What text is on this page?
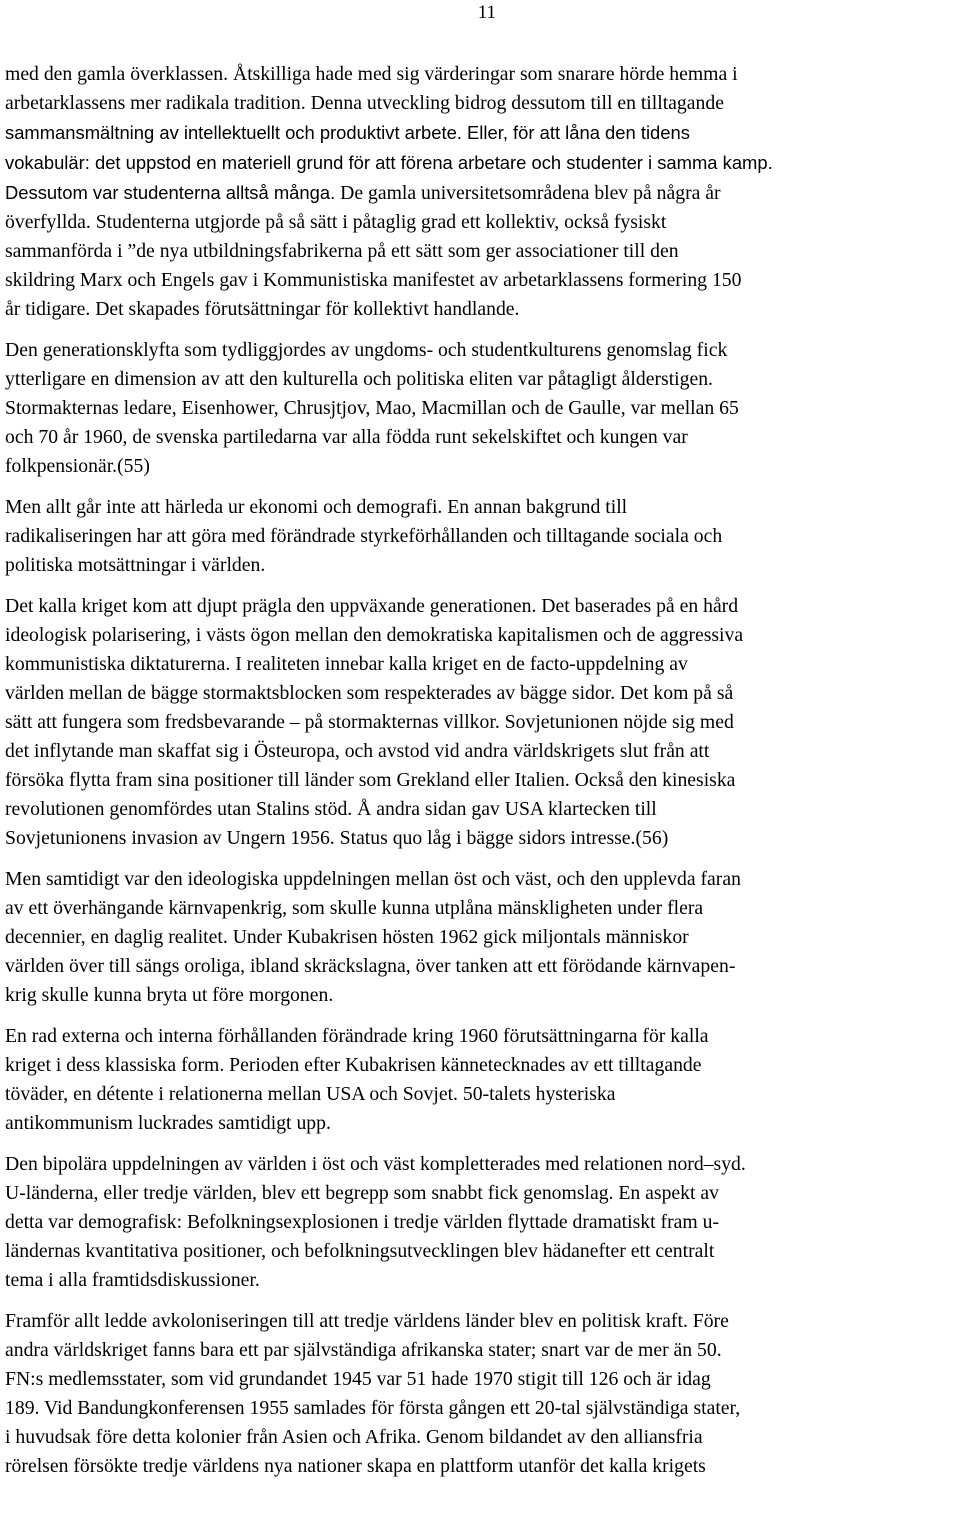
11

med den gamla överklassen. Åtskilliga hade med sig värderingar som snarare hörde hemma i
arbetarklassens mer radikala tradition. Denna utveckling bidrog dessutom till en tilltagande
sammansmältning av intellektuellt och produktivt arbete. Eller, för att låna den tidens
vokabulär: det uppstod en materiell grund för att förena arbetare och studenter i samma kamp.
Dessutom var studenterna alltså många. De gamla universitetsområdena blev på några år
överfyllda. Studenterna utgjorde på så sätt i påtaglig grad ett kollektiv, också fysiskt
sammanförda i ”de nya utbildningsfabrikerna på ett sätt som ger associationer till den
skildring Marx och Engels gav i Kommunistiska manifestet av arbetarklassens formering 150
år tidigare. Det skapades förutsättningar för kollektivt handlande.

Den generationsklyfta som tydliggjordes av ungdoms- och studentkulturens genomslag fick
ytterligare en dimension av att den kulturella och politiska eliten var påtagligt ålderstigen.
Stormakternas ledare, Eisenhower, Chrusjtjov, Mao, Macmillan och de Gaulle, var mellan 65
och 70 år 1960, de svenska partiledarna var alla födda runt sekelskiftet och kungen var
folkpensionär.(55)

Men allt går inte att härleda ur ekonomi och demografi. En annan bakgrund till
radikaliseringen har att göra med förändrade styrkeförhållanden och tilltagande sociala och
politiska motsättningar i världen.

Det kalla kriget kom att djupt prägla den uppväxande generationen. Det baserades på en hård
ideologisk polarisering, i västs ögon mellan den demokratiska kapitalismen och de aggressiva
kommunistiska diktaturerna. I realiteten innebar kalla kriget en de facto-uppdelning av
världen mellan de bägge stormaktsblocken som respekterades av bägge sidor. Det kom på så
sätt att fungera som fredsbevarande – på stormakternas villkor. Sovjetunionen nöjde sig med
det inflytande man skaffat sig i Östeuropa, och avstod vid andra världskrigets slut från att
försöka flytta fram sina positioner till länder som Grekland eller Italien. Också den kinesiska
revolutionen genomfördes utan Stalins stöd. Å andra sidan gav USA klartecken till
Sovjetunionens invasion av Ungern 1956. Status quo låg i bägge sidors intresse.(56)

Men samtidigt var den ideologiska uppdelningen mellan öst och väst, och den upplevda faran
av ett överhängande kärnvapenkrig, som skulle kunna utplåna mänskligheten under flera
decennier, en daglig realitet. Under Kubakrisen hösten 1962 gick miljontals människor
världen över till sängs oroliga, ibland skräckslagna, över tanken att ett förödande kärnvapen-
krig skulle kunna bryta ut före morgonen.

En rad externa och interna förhållanden förändrade kring 1960 förutsättningarna för kalla
kriget i dess klassiska form. Perioden efter Kubakrisen kännetecknades av ett tilltagande
töväder, en détente i relationerna mellan USA och Sovjet. 50-talets hysteriska
antikommunism luckrades samtidigt upp.

Den bipolära uppdelningen av världen i öst och väst kompletterades med relationen nord–syd.
U-länderna, eller tredje världen, blev ett begrepp som snabbt fick genomslag. En aspekt av
detta var demografisk: Befolkningsexplosionen i tredje världen flyttade dramatiskt fram u-
ländernas kvantitativa positioner, och befolkningsutvecklingen blev hädanefter ett centralt
tema i alla framtidsdiskussioner.

Framför allt ledde avkoloniseringen till att tredje världens länder blev en politisk kraft. Före
andra världskriget fanns bara ett par självständiga afrikanska stater; snart var de mer än 50.
FN:s medlemsstater, som vid grundandet 1945 var 51 hade 1970 stigit till 126 och är idag
189. Vid Bandungkonferensen 1955 samlades för första gången ett 20-tal självständiga stater,
i huvudsak före detta kolonier från Asien och Afrika. Genom bildandet av den alliansfria
rörelsen försökte tredje världens nya nationer skapa en plattform utanför det kalla krigets
